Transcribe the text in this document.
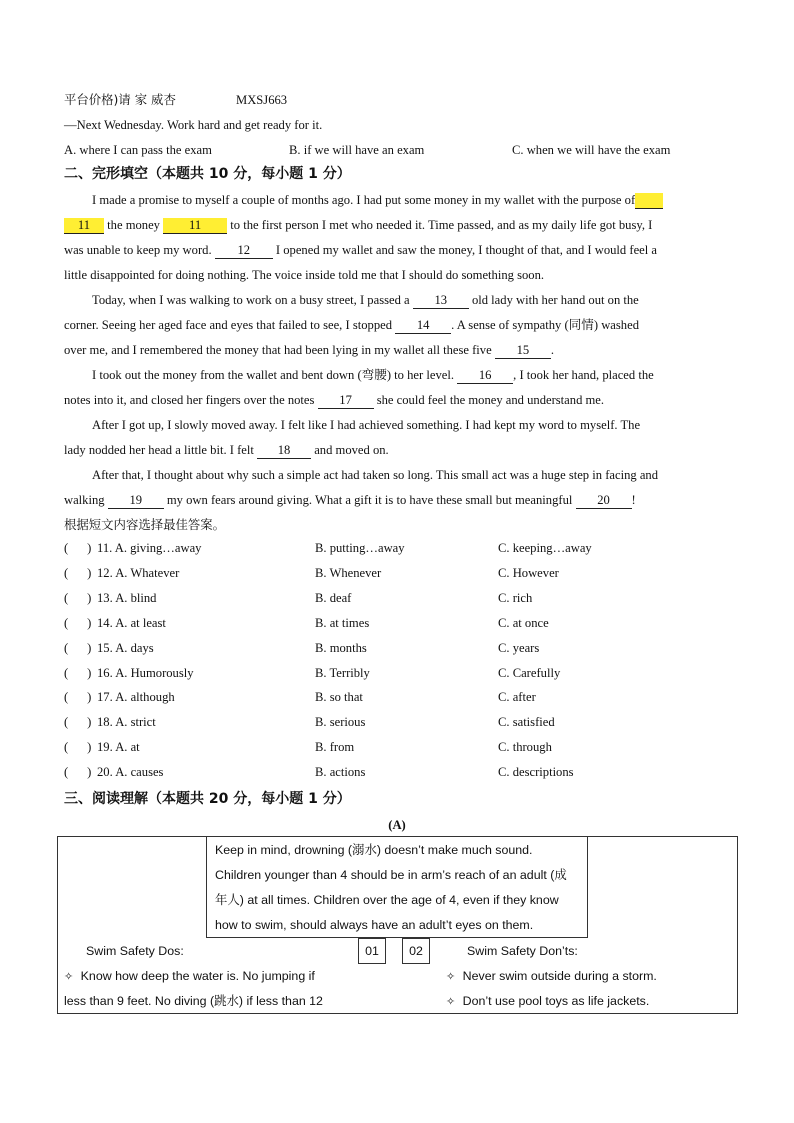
平台价格)请 家 威杏	MXSJ663
—Next Wednesday. Work hard and get ready for it.
A. where I can pass the exam	B. if we will have an exam	C. when we will have the exam
二、完形填空（本题共 10 分，每小题 1 分）
I made a promise to myself a couple of months ago. I had put some money in my wallet with the purpose of
11 the money 11 to the first person I met who needed it. Time passed, and as my daily life got busy, I
was unable to keep my word. 12 I opened my wallet and saw the money, I thought of that, and I would feel a
little disappointed for doing nothing. The voice inside told me that I should do something soon.
Today, when I was walking to work on a busy street, I passed a 13 old lady with her hand out on the
corner. Seeing her aged face and eyes that failed to see, I stopped 14 . A sense of sympathy (同情) washed
over me, and I remembered the money that had been lying in my wallet all these five 15 .
I took out the money from the wallet and bent down (弯腰) to her level. 16 , I took her hand, placed the
notes into it, and closed her fingers over the notes 17 she could feel the money and understand me.
After I got up, I slowly moved away. I felt like I had achieved something. I had kept my word to myself. The
lady nodded her head a little bit. I felt 18 and moved on.
After that, I thought about why such a simple act had taken so long. This small act was a huge step in facing and
walking 19 my own fears around giving. What a gift it is to have these small but meaningful 20 !
根据短文内容选择最佳答案。
(      ) 11. A. giving…away	B. putting…away	C. keeping…away
(      ) 12. A. Whatever	B. Whenever	C. However
(      ) 13. A. blind	B. deaf	C. rich
(      ) 14. A. at least	B. at times	C. at once
(      ) 15. A. days	B. months	C. years
(      ) 16. A. Humorously	B. Terribly	C. Carefully
(      ) 17. A. although	B. so that	C. after
(      ) 18. A. strict	B. serious	C. satisfied
(      ) 19. A. at	B. from	C. through
(      ) 20. A. causes	B. actions	C. descriptions
三、阅读理解（本题共 20 分，每小题 1 分）
(A)
Keep in mind, drowning (溺水) doesn’t make much sound.
Children younger than 4 should be in arm’s reach of an adult (成
年人) at all times. Children over the age of 4, even if they know
how to swim, should always have an adult’t eyes on them.
Swim Safety Dos:	01	02	Swim Safety Don’ts:
✧ Know how deep the water is. No jumping if
less than 9 feet. No diving (跳水) if less than 12
✧ Never swim outside during a storm.
✧ Don’t use pool toys as life jackets.
